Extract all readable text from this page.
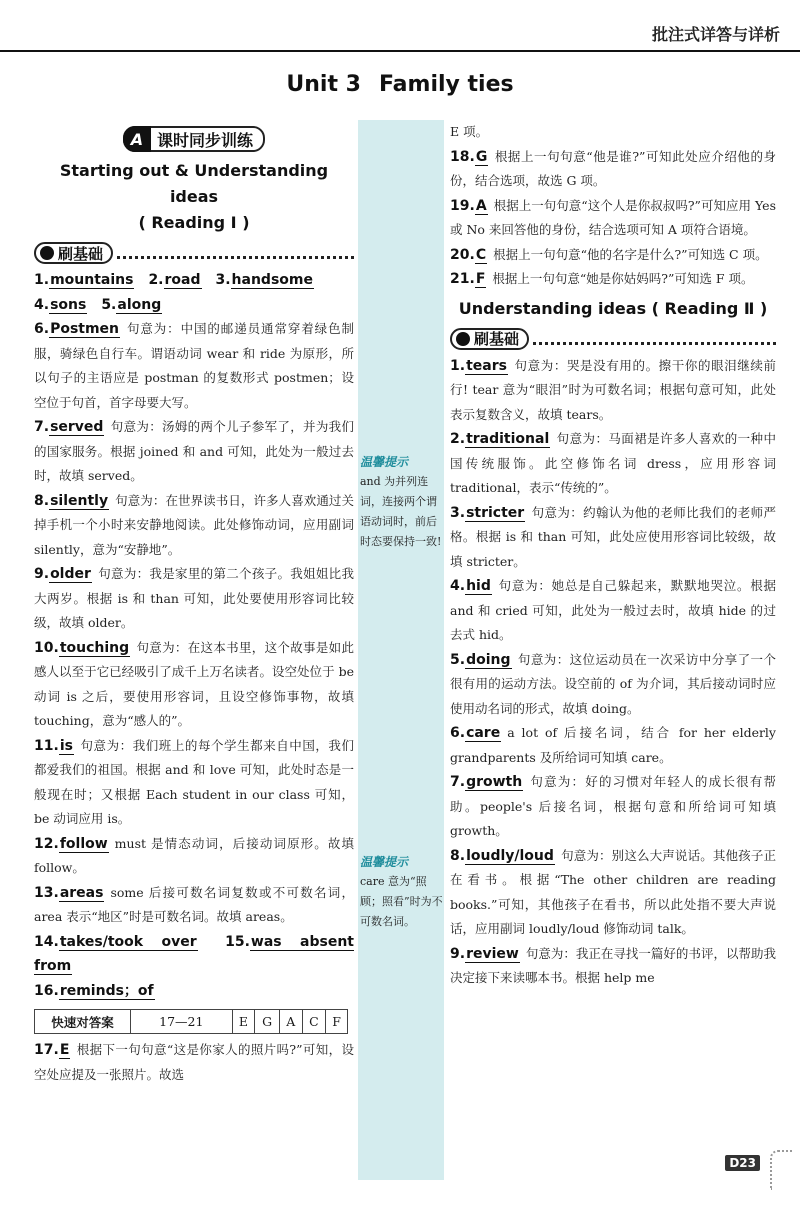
批注式详答与详析
Unit 3 Family ties
A 课时同步训练
Starting out & Understanding ideas
( Reading Ⅰ )
刷基础
1.mountains 2.road 3.handsome
4.sons 5.along
6.Postmen 句意为：中国的邮递员通常穿着绿色制服，骑绿色自行车。谓语动词 wear 和 ride 为原形，所以句子的主语应是 postman 的复数形式 postmen；设空位于句首，首字母要大写。
7.served 句意为：汤姆的两个儿子参军了，并为我们的国家服务。根据 joined 和 and 可知，此处为一般过去时，故填 served。
8.silently 句意为：在世界读书日，许多人喜欢通过关掉手机一个小时来安静地阅读。此处修饰动词，应用副词 silently，意为“安静地”。
9.older 句意为：我是家里的第二个孩子。我姐姐比我大两岁。根据 is 和 than 可知，此处要使用形容词比较级，故填 older。
10.touching 句意为：在这本书里，这个故事是如此感人以至于它已经吸引了成千上万名读者。设空处位于 be 动词 is 之后，要使用形容词，且设空修饰事物，故填 touching，意为“感人的”。
11.is 句意为：我们班上的每个学生都来自中国，我们都爱我们的祖国。根据 and 和 love 可知，此处时态是一般现在时；又根据 Each student in our class 可知，be 动词应用 is。
12.follow must 是情态动词，后接动词原形。故填 follow。
13.areas some 后接可数名词复数或不可数名词，area 表示“地区”时是可数名词。故填 areas。
14.takes/took over 15.was absent from
16.reminds；of
快速对答案	17—21	E	G	A	C	F
17.E 根据下一句句意“这是你家人的照片吗?”可知，设空处应提及一张照片。故选
温馨提示
and 为并列连词，连接两个谓语动词时，前后时态要保持一致!
温馨提示
care 意为“照顾；照看”时为不可数名词。
E 项。
18.G 根据上一句句意“他是谁?”可知此处应介绍他的身份，结合选项，故选 G 项。
19.A 根据上一句句意“这个人是你叔叔吗?”可知应用 Yes 或 No 来回答他的身份，结合选项可知 A 项符合语境。
20.C 根据上一句句意“他的名字是什么?”可知选 C 项。
21.F 根据上一句句意“她是你姑妈吗?”可知选 F 项。
Understanding ideas ( Reading Ⅱ )
刷基础
1.tears 句意为：哭是没有用的。擦干你的眼泪继续前行! tear 意为“眼泪”时为可数名词；根据句意可知，此处表示复数含义，故填 tears。
2.traditional 句意为：马面裙是许多人喜欢的一种中国传统服饰。此空修饰名词 dress，应用形容词 traditional，表示“传统的”。
3.stricter 句意为：约翰认为他的老师比我们的老师严格。根据 is 和 than 可知，此处应使用形容词比较级，故填 stricter。
4.hid 句意为：她总是自己躲起来，默默地哭泣。根据 and 和 cried 可知，此处为一般过去时，故填 hide 的过去式 hid。
5.doing 句意为：这位运动员在一次采访中分享了一个很有用的运动方法。设空前的 of 为介词，其后接动词时应使用动名词的形式，故填 doing。
6.care a lot of 后接名词，结合 for her elderly grandparents 及所给词可知填 care。
7.growth 句意为：好的习惯对年轻人的成长很有帮助。people's 后接名词，根据句意和所给词可知填 growth。
8.loudly/loud 句意为：别这么大声说话。其他孩子正在看书。根据“The other children are reading books.”可知，其他孩子在看书，所以此处指不要大声说话，应用副词 loudly/loud 修饰动词 talk。
9.review 句意为：我正在寻找一篇好的书评，以帮助我决定接下来读哪本书。根据 help me
D23
